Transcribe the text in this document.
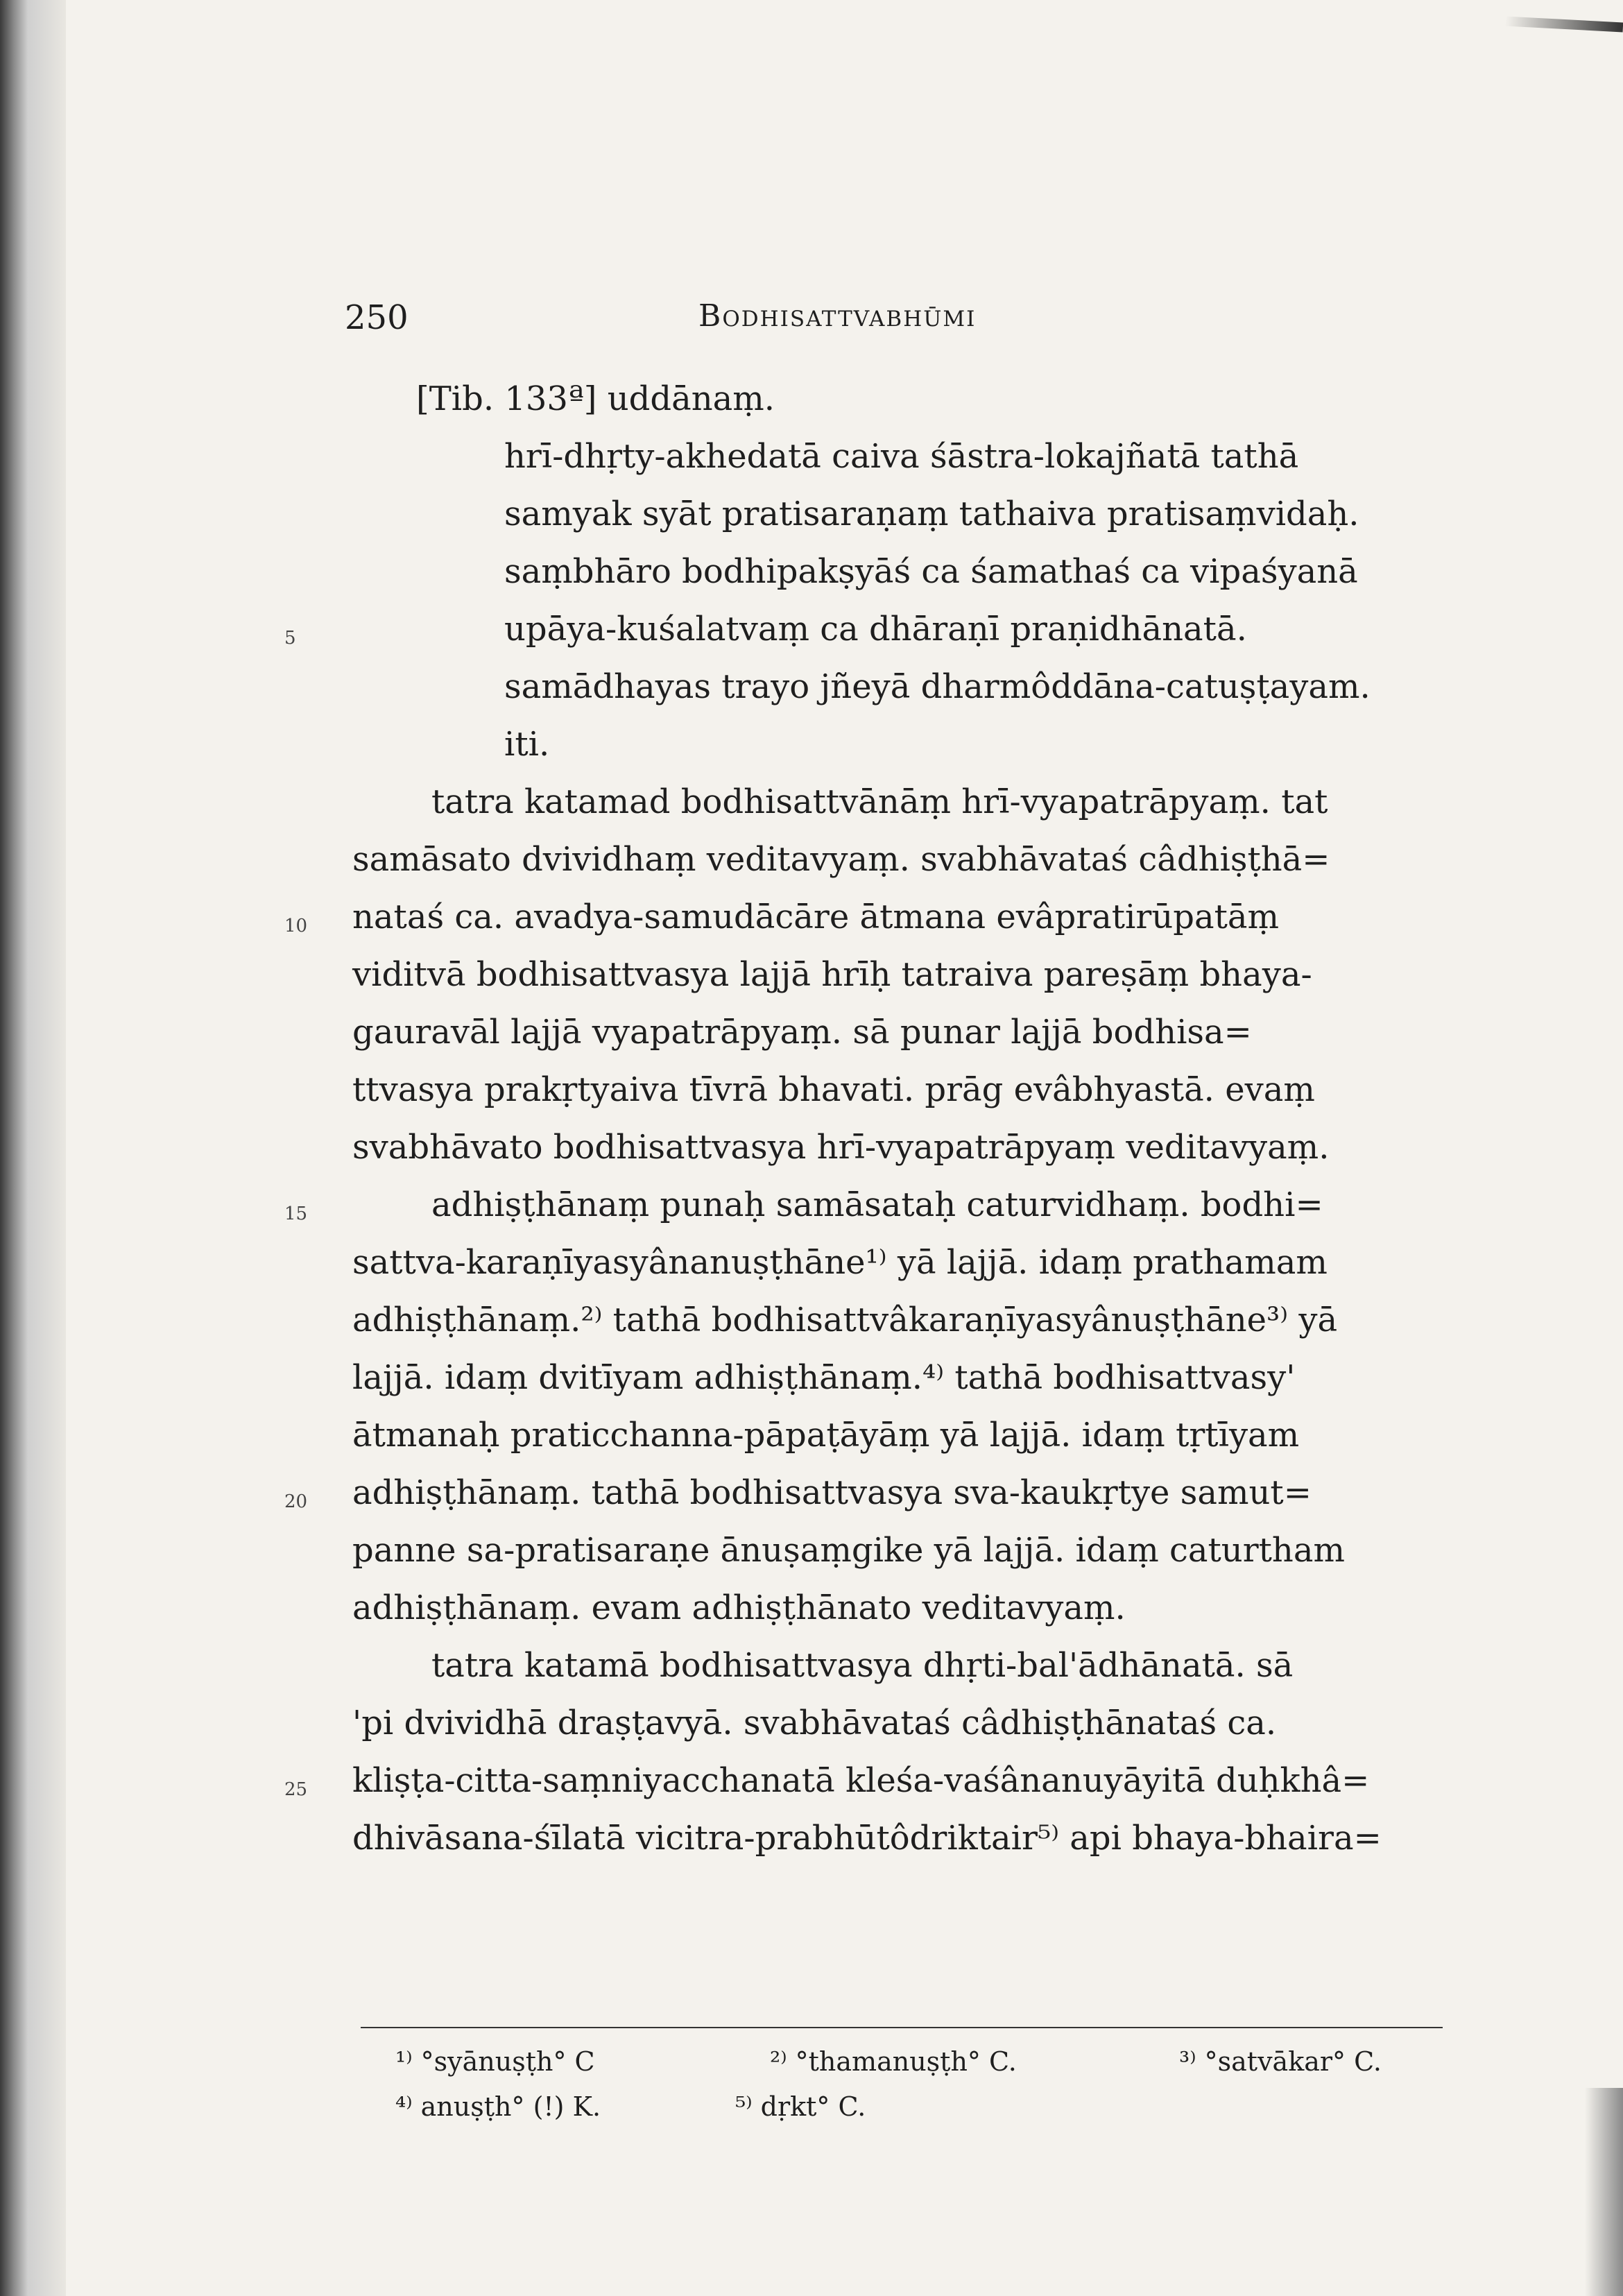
250	Bodhisattvabhūmi
[Tib. 133ª] uddānaṃ.
hrī-dhṛty-akhedatā caiva śāstra-lokajñatā tathā
samyak syāt pratisaraṇaṃ tathaiva pratisaṃvidaḥ.
saṃbhāro bodhipakṣyāś ca śamathaś ca vipaśyanā
upāya-kuśalatvaṃ ca dhāraṇī praṇidhānatā.
samādhayas trayo jñeyā dharmôddāna-catuṣṭayam.
iti.
tatra katamad bodhisattvānāṃ hrī-vyapatrāpyaṃ. tat
samāsato dvividhaṃ veditavyaṃ. svabhāvataś câdhiṣṭhā=
nataś ca. avadya-samudācāre ātmana evâpratirūpatāṃ
viditvā bodhisattvasya lajjā hrīḥ tatraiva pareṣāṃ bhaya-
gauravāl lajjā vyapatrāpyaṃ. sā punar lajjā bodhisa=
ttvasya prakṛtyaiva tīvrā bhavati. prāg evâbhyastā. evaṃ
svabhāvato bodhisattvasya hrī-vyapatrāpyaṃ veditavyaṃ.
adhiṣṭhānaṃ punaḥ samāsataḥ caturvidhaṃ. bodhi=
sattva-karaṇīyasyânanuṣṭhāne¹⁾ yā lajjā. idaṃ prathamam
adhiṣṭhānaṃ.²⁾ tathā bodhisattvâkaraṇīyasyânuṣṭhāne³⁾ yā
lajjā. idaṃ dvitīyam adhiṣṭhānaṃ.⁴⁾ tathā bodhisattvasy'
ātmanaḥ praticchanna-pāpaṭāyāṃ yā lajjā. idaṃ tṛtīyam
adhiṣṭhānaṃ. tathā bodhisattvasya sva-kaukṛtye samut=
panne sa-pratisaraṇe ānuṣaṃgike yā lajjā. idaṃ caturtham
adhiṣṭhānaṃ. evam adhiṣṭhānato veditavyaṃ.
tatra katamā bodhisattvasya dhṛti-bal'ādhānatā. sā
'pi dvividhā draṣṭavyā. svabhāvataś câdhiṣṭhānataś ca.
kliṣṭa-citta-saṃniyacchanatā kleśa-vaśânanuyāyitā duḥkhâ=
dhivāsana-śīlatā vicitra-prabhūtôdriktair⁵⁾ api bhaya-bhaira=
5
10
15
20
25
¹⁾ °syānuṣṭh° C	²⁾ °thamanuṣṭh° C.	³⁾ °satvākar° C.
⁴⁾ anuṣṭh° (!) K.	⁵⁾ dṛkt° C.
